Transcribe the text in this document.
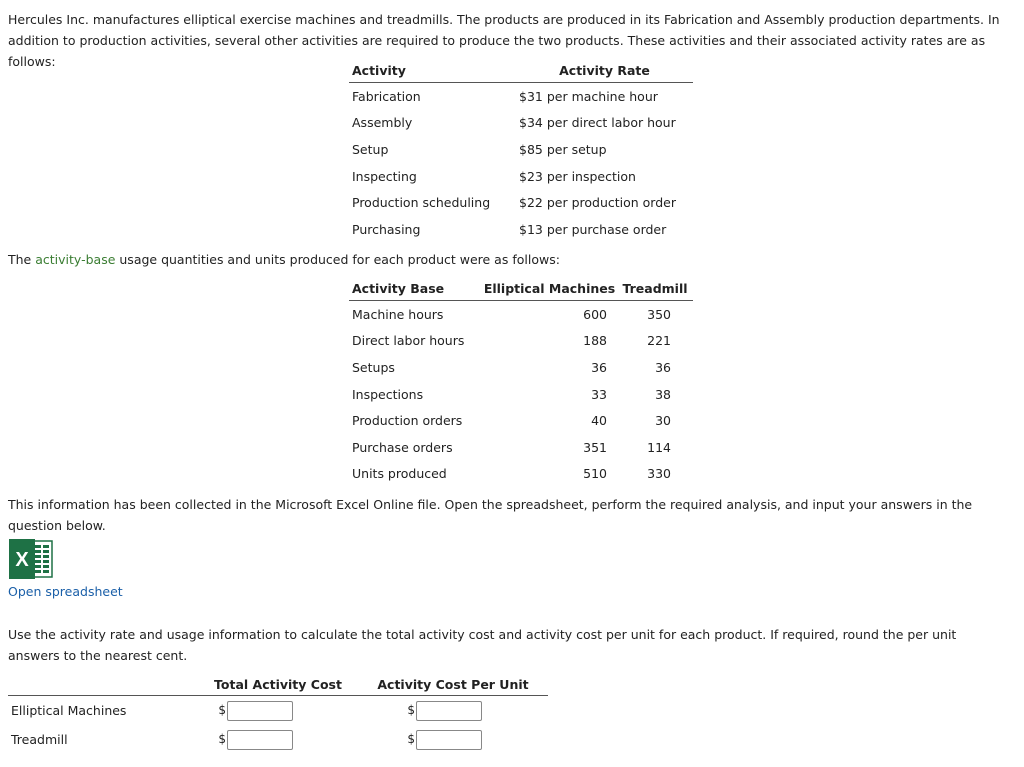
Hercules Inc. manufactures elliptical exercise machines and treadmills. The products are produced in its Fabrication and Assembly production departments. In addition to production activities, several other activities are required to produce the two products. These activities and their associated activity rates are as follows:

Activity	Activity Rate
Fabrication	$31 per machine hour
Assembly	$34 per direct labor hour
Setup	$85 per setup
Inspecting	$23 per inspection
Production scheduling	$22 per production order
Purchasing	$13 per purchase order

The activity-base usage quantities and units produced for each product were as follows:

Activity Base	Elliptical Machines	Treadmill
Machine hours	600	350
Direct labor hours	188	221
Setups	36	36
Inspections	33	38
Production orders	40	30
Purchase orders	351	114
Units produced	510	330

This information has been collected in the Microsoft Excel Online file. Open the spreadsheet, perform the required analysis, and input your answers in the question below.

X
Open spreadsheet

Use the activity rate and usage information to calculate the total activity cost and activity cost per unit for each product. If required, round the per unit answers to the nearest cent.

	Total Activity Cost	Activity Cost Per Unit
Elliptical Machines	$	$

Treadmill	$	$
